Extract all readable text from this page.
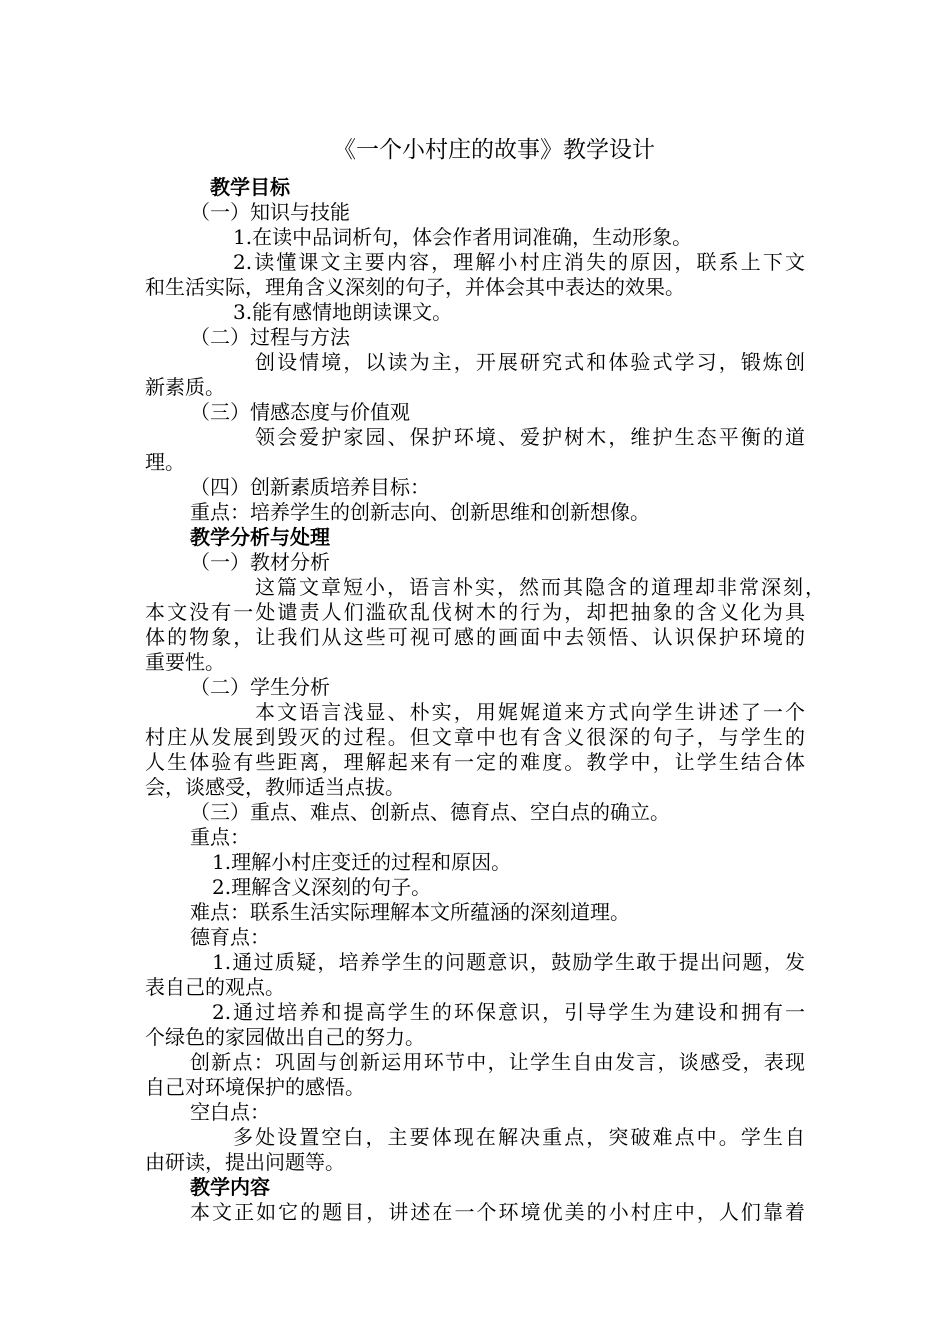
《一个小村庄的故事》教学设计
教学目标
（一）知识与技能
1.在读中品词析句，体会作者用词准确，生动形象。
2.读懂课文主要内容，理解小村庄消失的原因，联系上下文
和生活实际，理角含义深刻的句子，并体会其中表达的效果。
3.能有感情地朗读课文。
（二）过程与方法
创设情境，以读为主，开展研究式和体验式学习，锻炼创
新素质。
（三）情感态度与价值观
领会爱护家园、保护环境、爱护树木，维护生态平衡的道
理。
（四）创新素质培养目标：
重点：培养学生的创新志向、创新思维和创新想像。
教学分析与处理
（一）教材分析
这篇文章短小，语言朴实，然而其隐含的道理却非常深刻，
本文没有一处谴责人们滥砍乱伐树木的行为，却把抽象的含义化为具
体的物象，让我们从这些可视可感的画面中去领悟、认识保护环境的
重要性。
（二）学生分析
本文语言浅显、朴实，用娓娓道来方式向学生讲述了一个
村庄从发展到毁灭的过程。但文章中也有含义很深的句子，与学生的
人生体验有些距离，理解起来有一定的难度。教学中，让学生结合体
会，谈感受，教师适当点拔。
（三）重点、难点、创新点、德育点、空白点的确立。
重点：
1.理解小村庄变迁的过程和原因。
2.理解含义深刻的句子。
难点：联系生活实际理解本文所蕴涵的深刻道理。
德育点：
1.通过质疑，培养学生的问题意识，鼓励学生敢于提出问题，发
表自己的观点。
2.通过培养和提高学生的环保意识，引导学生为建设和拥有一
个绿色的家园做出自己的努力。
创新点：巩固与创新运用环节中，让学生自由发言，谈感受，表现
自己对环境保护的感悟。
空白点：
多处设置空白，主要体现在解决重点，突破难点中。学生自
由研读，提出问题等。
教学内容
本文正如它的题目，讲述在一个环境优美的小村庄中，人们靠着
